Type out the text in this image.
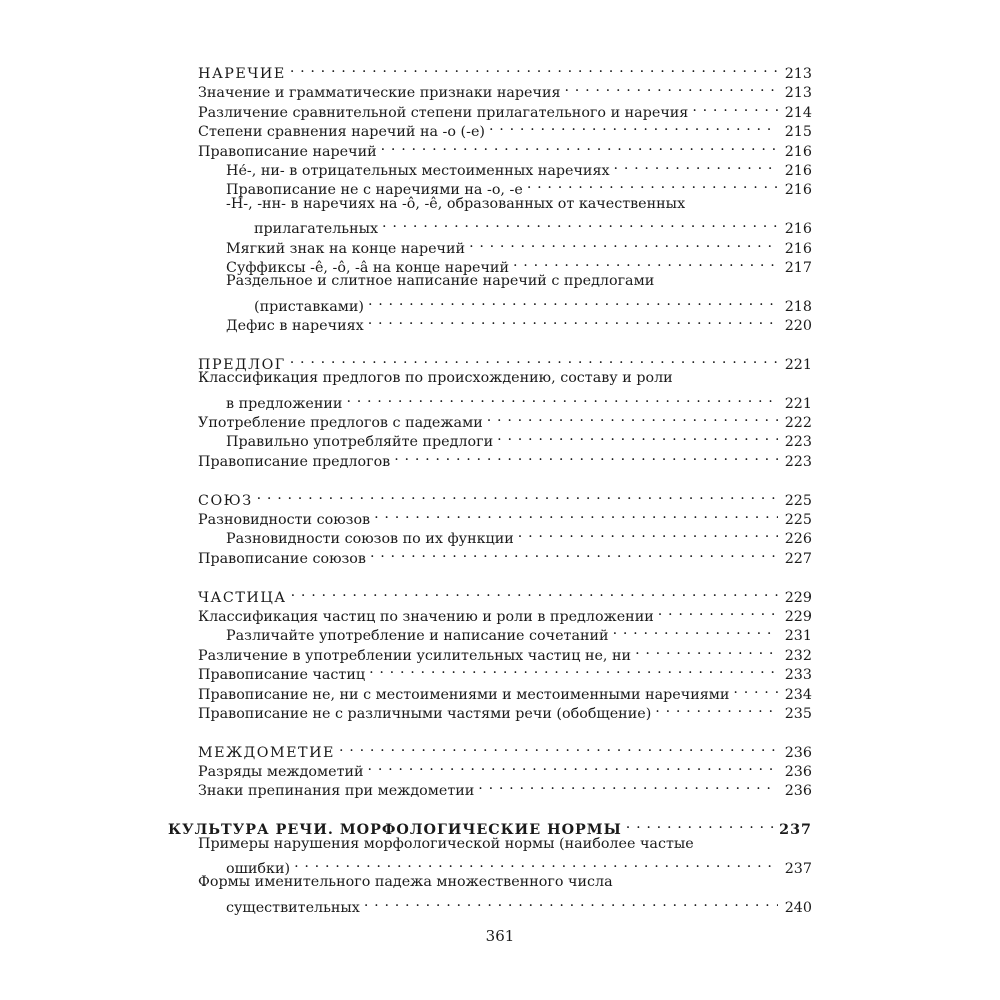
НАРЕЧИЕ . . .	213
Значение и грамматические признаки наречия . . .	213
Различение сравнительной степени прилагательного и наречия . . .	214
Степени сравнения наречий на -о (-е) . . .	215
Правописание наречий . . .	216
Не́-, ни- в отрицательных местоименных наречиях . . .	216
Правописание не с наречиями на -о, -е . . .	216
-Н-, -нн- в наречиях на -ô, -ê, образованных от качественных
прилагательных . . .	216
Мягкий знак на конце наречий . . .	216
Суффиксы -ê, -ô, -â на конце наречий . . .	217
Раздельное и слитное написание наречий с предлогами
(приставками) . . .	218
Дефис в наречиях . . .	220
ПРЕДЛОГ . . .	221
Классификация предлогов по происхождению, составу и роли
в предложении . . .	221
Употребление предлогов с падежами . . .	222
Правильно употребляйте предлоги . . .	223
Правописание предлогов . . .	223
СОЮЗ . . .	225
Разновидности союзов . . .	225
Разновидности союзов по их функции . . .	226
Правописание союзов . . .	227
ЧАСТИЦА . . .	229
Классификация частиц по значению и роли в предложении . . .	229
Различайте употребление и написание сочетаний . . .	231
Различение в употреблении усилительных частиц не, ни . . .	232
Правописание частиц . . .	233
Правописание не, ни с местоимениями и местоименными наречиями . . .	234
Правописание не с различными частями речи (обобщение) . . .	235
МЕЖДОМЕТИЕ . . .	236
Разряды междометий . . .	236
Знаки препинания при междометии . . .	236
КУЛЬТУРА РЕЧИ. МОРФОЛОГИЧЕСКИЕ НОРМЫ . . .	237
Примеры нарушения морфологической нормы (наиболее частые
ошибки) . . .	237
Формы именительного падежа множественного числа
существительных . . .	240
361
